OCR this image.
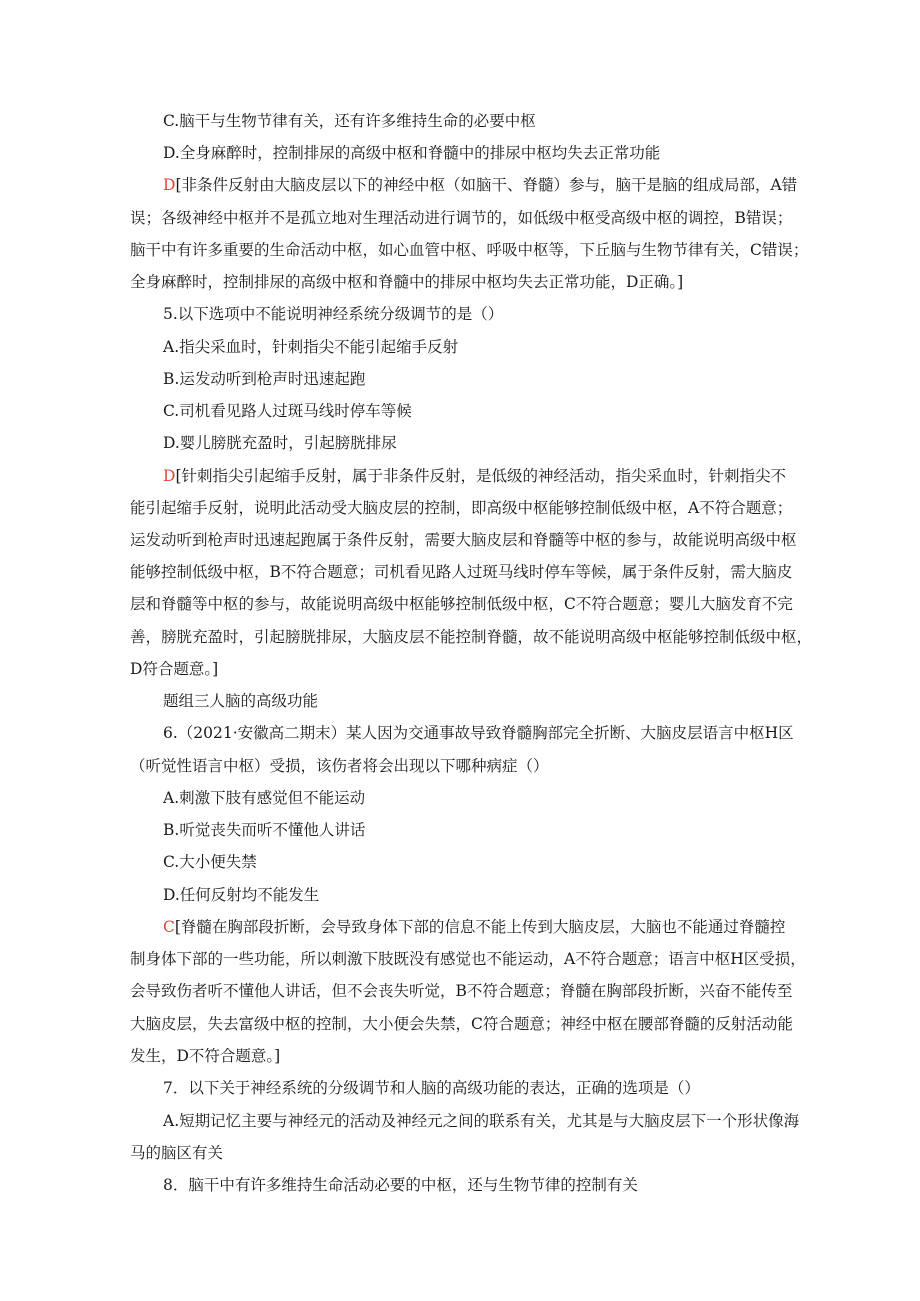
C.脑干与生物节律有关，还有许多维持生命的必要中枢
D.全身麻醉时，控制排尿的高级中枢和脊髓中的排尿中枢均失去正常功能
D[非条件反射由大脑皮层以下的神经中枢（如脑干、脊髓）参与，脑干是脑的组成局部，A错
误；各级神经中枢并不是孤立地对生理活动进行调节的，如低级中枢受高级中枢的调控，B错误；
脑干中有许多重要的生命活动中枢，如心血管中枢、呼吸中枢等，下丘脑与生物节律有关，C错误；
全身麻醉时，控制排尿的高级中枢和脊髓中的排尿中枢均失去正常功能，D正确。]
5.以下选项中不能说明神经系统分级调节的是（）
A.指尖采血时，针刺指尖不能引起缩手反射
B.运发动听到枪声时迅速起跑
C.司机看见路人过斑马线时停车等候
D.婴儿膀胱充盈时，引起膀胱排尿
D[针刺指尖引起缩手反射，属于非条件反射，是低级的神经活动，指尖采血时，针刺指尖不
能引起缩手反射，说明此活动受大脑皮层的控制，即高级中枢能够控制低级中枢，A不符合题意；
运发动听到枪声时迅速起跑属于条件反射，需要大脑皮层和脊髓等中枢的参与，故能说明高级中枢
能够控制低级中枢，B不符合题意；司机看见路人过斑马线时停车等候，属于条件反射，需大脑皮
层和脊髓等中枢的参与，故能说明高级中枢能够控制低级中枢，C不符合题意；婴儿大脑发育不完
善，膀胱充盈时，引起膀胱排尿，大脑皮层不能控制脊髓，故不能说明高级中枢能够控制低级中枢，
D符合题意。]
题组三人脑的高级功能
6.（2021·安徽高二期末）某人因为交通事故导致脊髓胸部完全折断、大脑皮层语言中枢H区
（听觉性语言中枢）受损，该伤者将会出现以下哪种病症（）
A.刺激下肢有感觉但不能运动
B.听觉丧失而听不懂他人讲话
C.大小便失禁
D.任何反射均不能发生
C[脊髓在胸部段折断，会导致身体下部的信息不能上传到大脑皮层，大脑也不能通过脊髓控
制身体下部的一些功能，所以刺激下肢既没有感觉也不能运动，A不符合题意；语言中枢H区受损，
会导致伤者听不懂他人讲话，但不会丧失听觉，B不符合题意；脊髓在胸部段折断，兴奋不能传至
大脑皮层，失去富级中枢的控制，大小便会失禁，C符合题意；神经中枢在腰部脊髓的反射活动能
发生，D不符合题意。]
7．以下关于神经系统的分级调节和人脑的高级功能的表达，正确的选项是（）
A.短期记忆主要与神经元的活动及神经元之间的联系有关，尤其是与大脑皮层下一个形状像海
马的脑区有关
8．脑干中有许多维持生命活动必要的中枢，还与生物节律的控制有关
